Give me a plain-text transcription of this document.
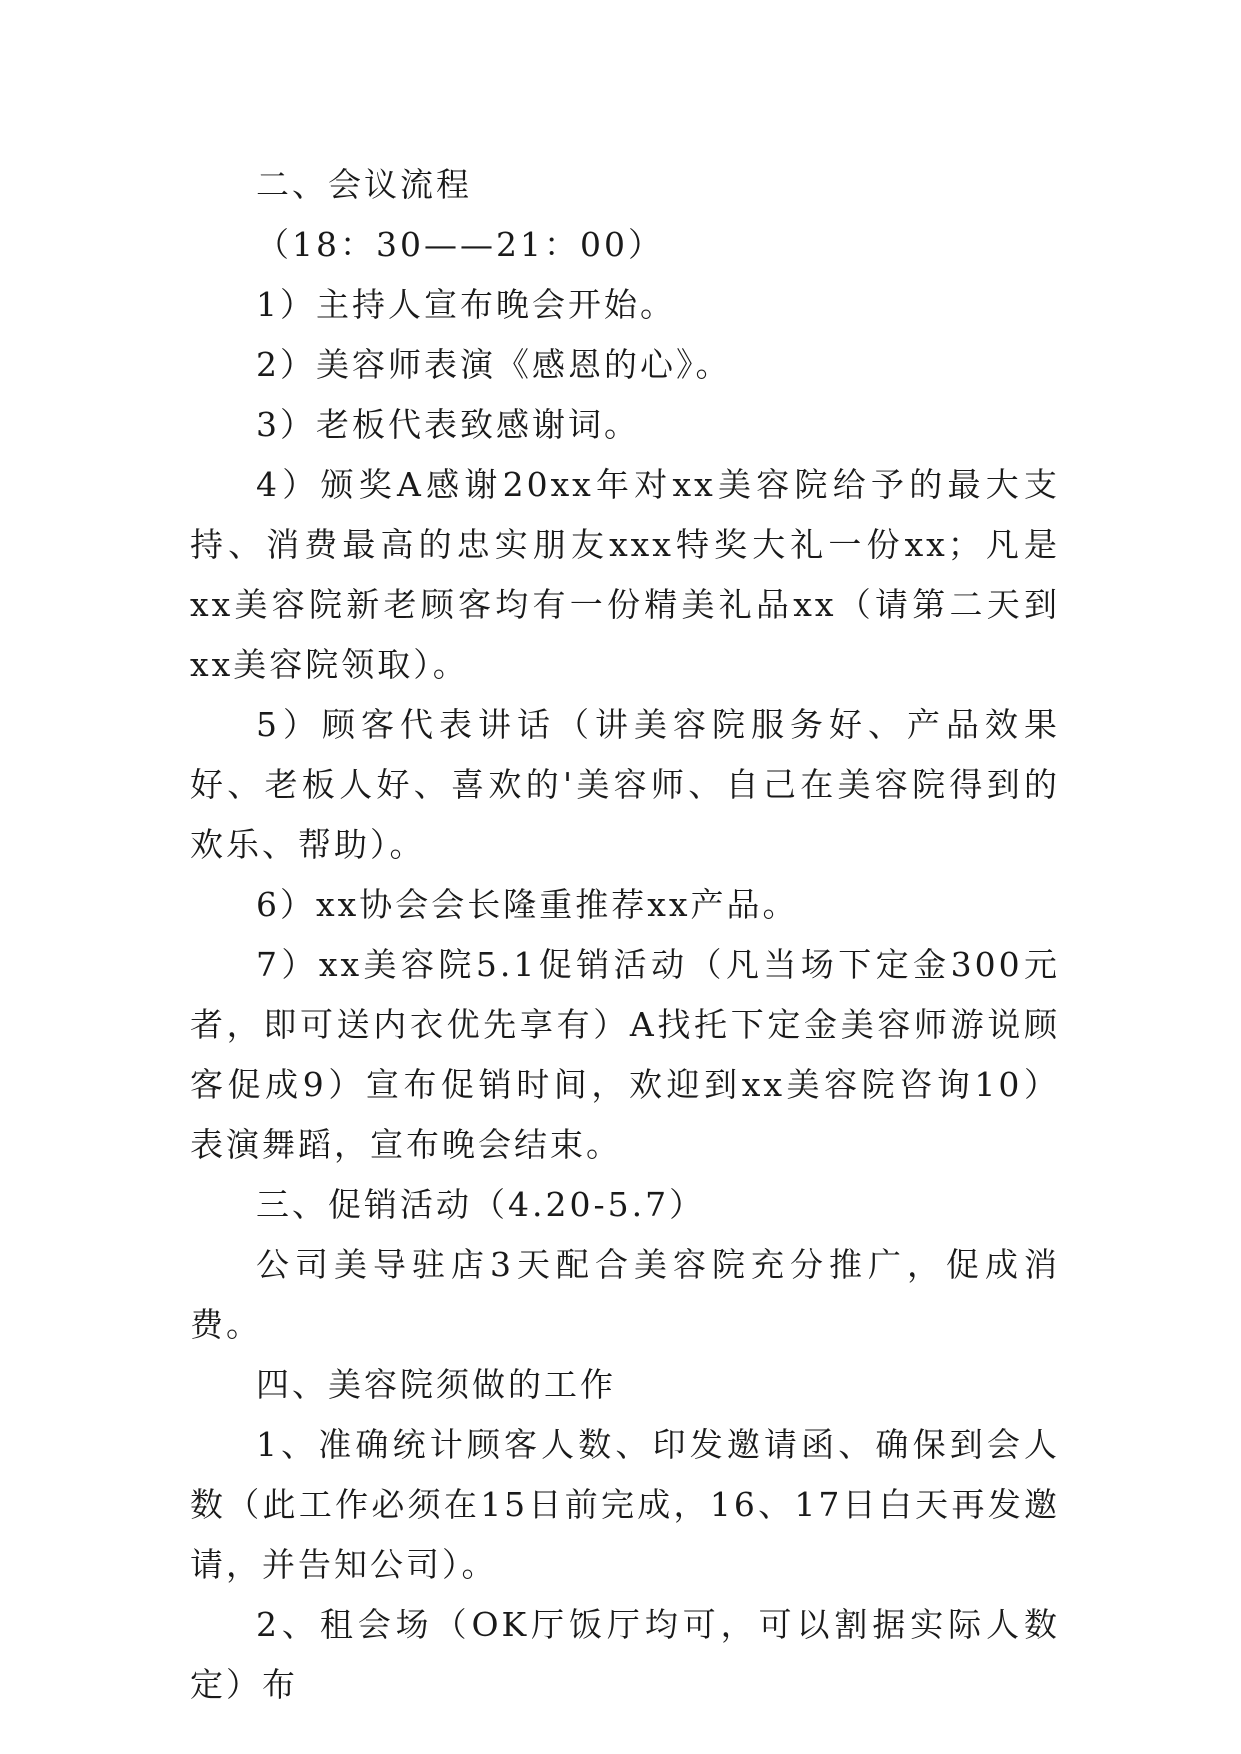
二、会议流程

（18：30——21：00）

1）主持人宣布晚会开始。

2）美容师表演《感恩的心》。

3）老板代表致感谢词。

4）颁奖A感谢20xx年对xx美容院给予的最大支持、消费最高的忠实朋友xxx特奖大礼一份xx；凡是xx美容院新老顾客均有一份精美礼品xx（请第二天到xx美容院领取）。

5）顾客代表讲话（讲美容院服务好、产品效果好、老板人好、喜欢的'美容师、自己在美容院得到的欢乐、帮助）。

6）xx协会会长隆重推荐xx产品。

7）xx美容院5.1促销活动（凡当场下定金300元者，即可送内衣优先享有）A找托下定金美容师游说顾客促成9）宣布促销时间，欢迎到xx美容院咨询10）表演舞蹈，宣布晚会结束。

三、促销活动（4.20-5.7）

公司美导驻店3天配合美容院充分推广，促成消费。

四、美容院须做的工作

1、准确统计顾客人数、印发邀请函、确保到会人数（此工作必须在15日前完成，16、17日白天再发邀请，并告知公司）。

2、租会场（OK厅饭厅均可，可以割据实际人数定）布
